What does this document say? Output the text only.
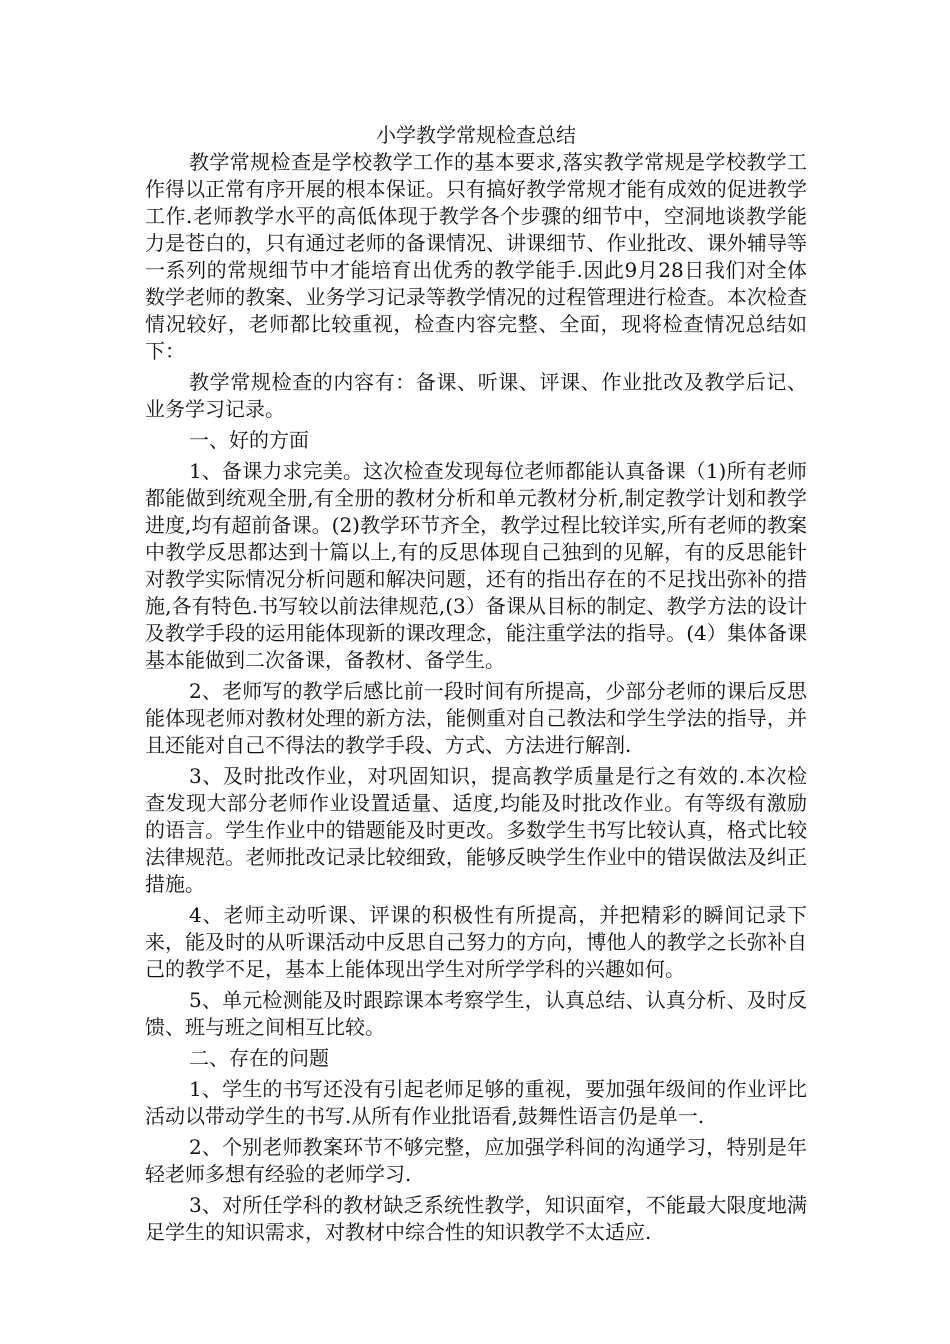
小学教学常规检查总结

教学常规检查是学校教学工作的基本要求,落实教学常规是学校教学工作得以正常有序开展的根本保证。只有搞好教学常规才能有成效的促进教学工作.老师教学水平的高低体现于教学各个步骤的细节中，空洞地谈教学能力是苍白的，只有通过老师的备课情况、讲课细节、作业批改、课外辅导等一系列的常规细节中才能培育出优秀的教学能手.因此9月28日我们对全体数学老师的教案、业务学习记录等教学情况的过程管理进行检查。本次检查情况较好，老师都比较重视，检查内容完整、全面，现将检查情况总结如下：

教学常规检查的内容有：备课、听课、评课、作业批改及教学后记、业务学习记录。

一、好的方面

1、备课力求完美。这次检查发现每位老师都能认真备课（1)所有老师都能做到统观全册,有全册的教材分析和单元教材分析,制定教学计划和教学进度,均有超前备课。(2)教学环节齐全，教学过程比较详实,所有老师的教案中教学反思都达到十篇以上,有的反思体现自己独到的见解，有的反思能针对教学实际情况分析问题和解决问题，还有的指出存在的不足找出弥补的措施,各有特色.书写较以前法律规范,(3）备课从目标的制定、教学方法的设计及教学手段的运用能体现新的课改理念，能注重学法的指导。(4）集体备课基本能做到二次备课，备教材、备学生。

2、老师写的教学后感比前一段时间有所提高，少部分老师的课后反思能体现老师对教材处理的新方法，能侧重对自己教法和学生学法的指导，并且还能对自己不得法的教学手段、方式、方法进行解剖.

3、及时批改作业，对巩固知识，提高教学质量是行之有效的.本次检查发现大部分老师作业设置适量、适度,均能及时批改作业。有等级有激励的语言。学生作业中的错题能及时更改。多数学生书写比较认真，格式比较法律规范。老师批改记录比较细致，能够反映学生作业中的错误做法及纠正措施。

4、老师主动听课、评课的积极性有所提高，并把精彩的瞬间记录下来，能及时的从听课活动中反思自己努力的方向，博他人的教学之长弥补自己的教学不足，基本上能体现出学生对所学学科的兴趣如何。

5、单元检测能及时跟踪课本考察学生，认真总结、认真分析、及时反馈、班与班之间相互比较。

二、存在的问题

1、学生的书写还没有引起老师足够的重视，要加强年级间的作业评比活动以带动学生的书写.从所有作业批语看,鼓舞性语言仍是单一.

2、个别老师教案环节不够完整，应加强学科间的沟通学习，特别是年轻老师多想有经验的老师学习.

3、对所任学科的教材缺乏系统性教学，知识面窄，不能最大限度地满足学生的知识需求，对教材中综合性的知识教学不太适应.
